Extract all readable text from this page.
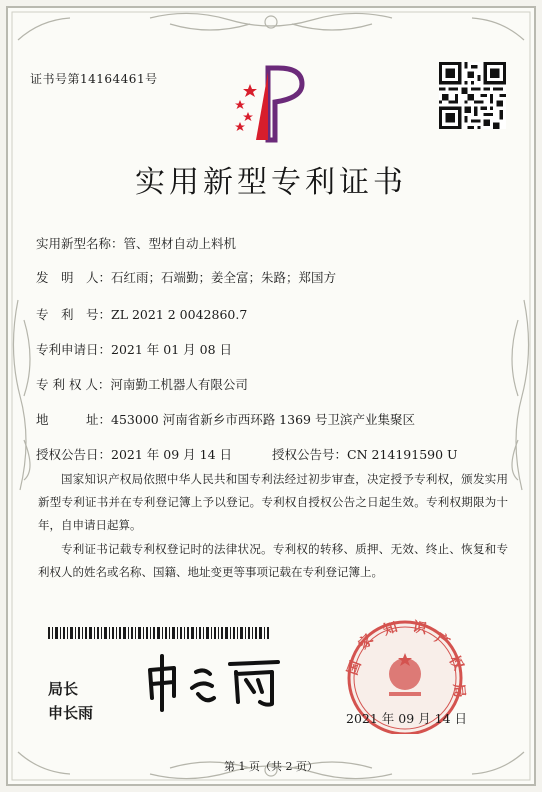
证书号第14164461号
实用新型专利证书
实用新型名称：管、型材自动上料机
发　明　人：石红雨；石端勤；姜全富；朱路；郑国方
专　利　号：ZL 2021 2 0042860.7
专利申请日：2021 年 01 月 08 日
专 利 权 人：河南勤工机器人有限公司
地　　　址：453000 河南省新乡市西环路 1369 号卫滨产业集聚区
授权公告日：2021 年 09 月 14 日	授权公告号：CN 214191590 U
国家知识产权局依照中华人民共和国专利法经过初步审查，决定授予专利权，颁发实用新型专利证书并在专利登记簿上予以登记。专利权自授权公告之日起生效。专利权期限为十年，自申请日起算。
专利证书记载专利权登记时的法律状况。专利权的转移、质押、无效、终止、恢复和专利权人的姓名或名称、国籍、地址变更等事项记载在专利登记簿上。
局长
申长雨
国
家
知 识
产
权
局
2021 年 09 月 14 日
第 1 页（共 2 页）
